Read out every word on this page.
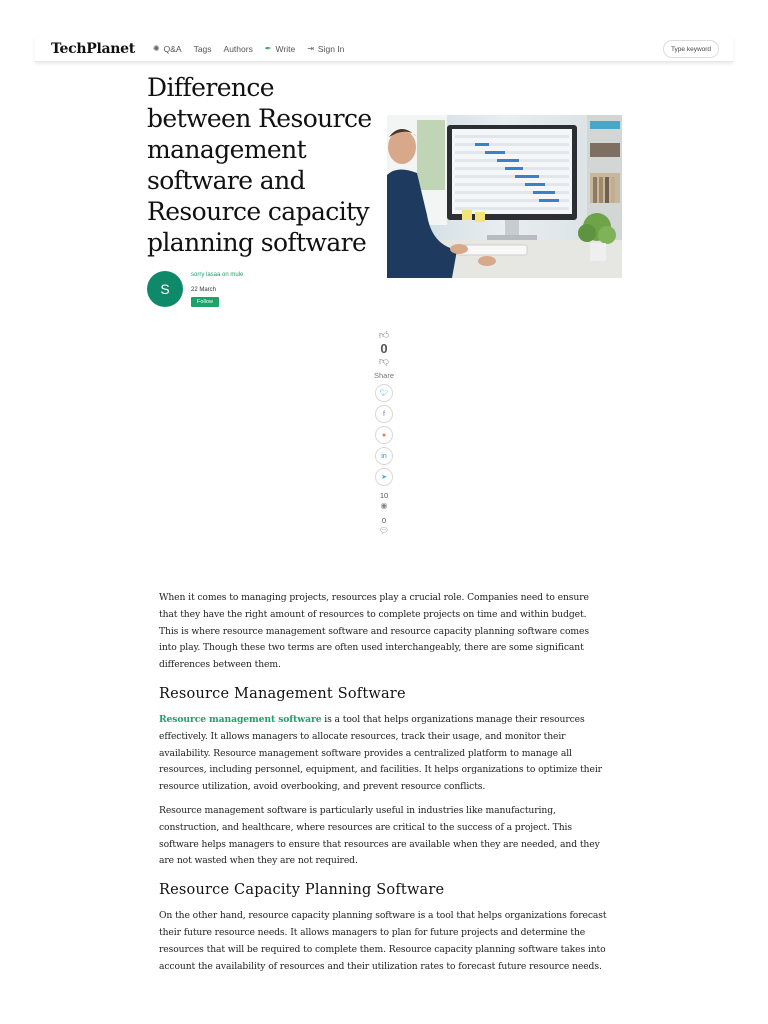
TechPlanet ✺ Q&A Tags Authors ✒ Write ⇥ Sign In	Type keyword
Difference between Resource management software and Resource capacity planning software
S
sorry lasaa on mule
22 March
Follow
👍︎
0
👎︎
Share
🐦︎
f
●
in
➤
10
◉
0
💬︎

When it comes to managing projects, resources play a crucial role. Companies need to ensure that they have the right amount of resources to complete projects on time and within budget. This is where resource management software and resource capacity planning software comes into play. Though these two terms are often used interchangeably, there are some significant differences between them.

Resource Management Software

Resource management software is a tool that helps organizations manage their resources effectively. It allows managers to allocate resources, track their usage, and monitor their availability. Resource management software provides a centralized platform to manage all resources, including personnel, equipment, and facilities. It helps organizations to optimize their resource utilization, avoid overbooking, and prevent resource conflicts.

Resource management software is particularly useful in industries like manufacturing, construction, and healthcare, where resources are critical to the success of a project. This software helps managers to ensure that resources are available when they are needed, and they are not wasted when they are not required.

Resource Capacity Planning Software

On the other hand, resource capacity planning software is a tool that helps organizations forecast their future resource needs. It allows managers to plan for future projects and determine the resources that will be required to complete them. Resource capacity planning software takes into account the availability of resources and their utilization rates to forecast future resource needs.
